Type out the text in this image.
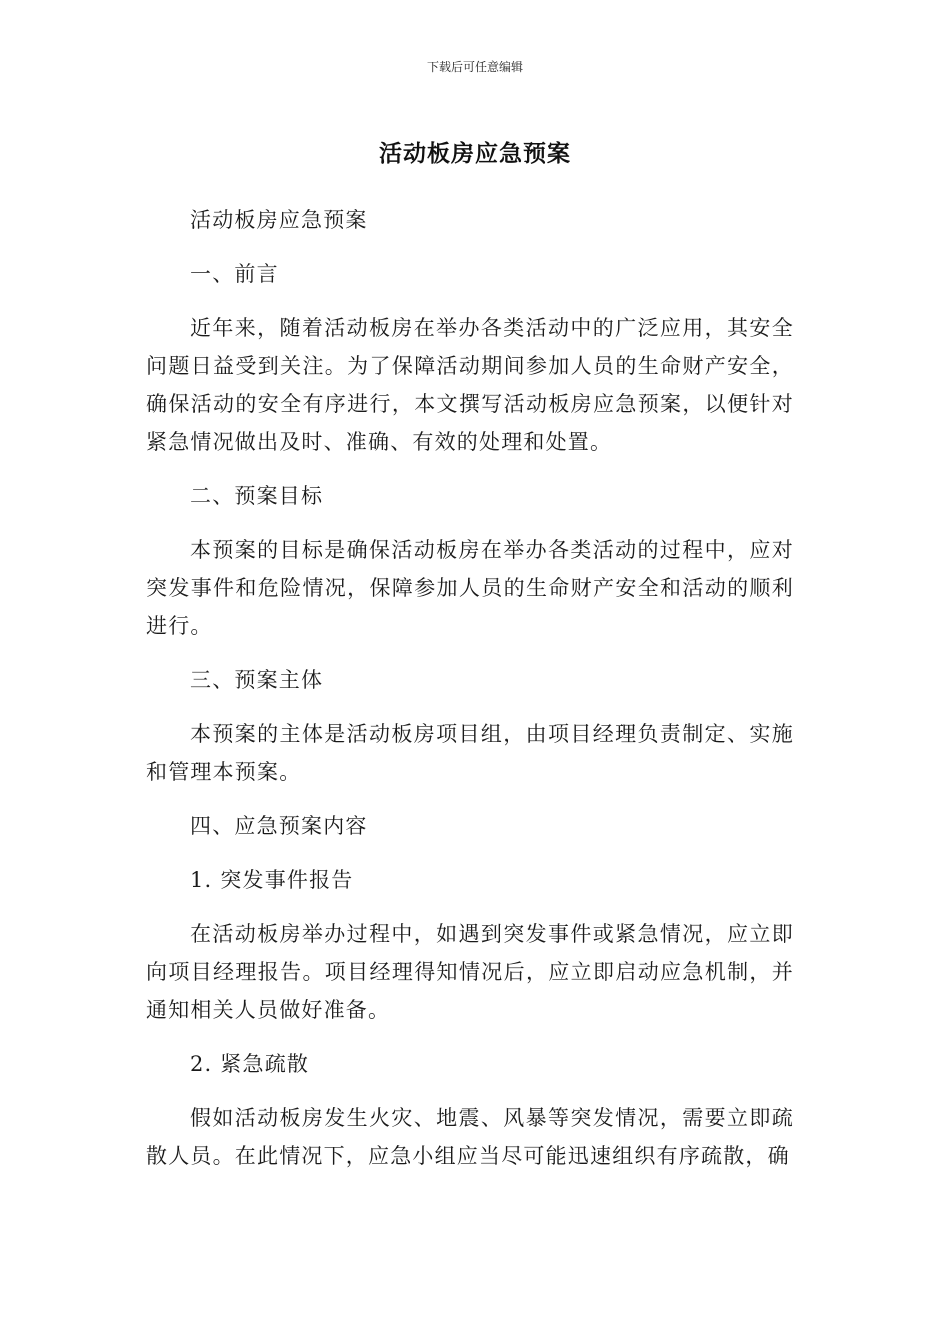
下载后可任意编辑
活动板房应急预案

活动板房应急预案

一、前言

近年来，随着活动板房在举办各类活动中的广泛应用，其安全问题日益受到关注。为了保障活动期间参加人员的生命财产安全，确保活动的安全有序进行，本文撰写活动板房应急预案，以便针对紧急情况做出及时、准确、有效的处理和处置。

二、预案目标

本预案的目标是确保活动板房在举办各类活动的过程中，应对突发事件和危险情况，保障参加人员的生命财产安全和活动的顺利进行。

三、预案主体

本预案的主体是活动板房项目组，由项目经理负责制定、实施和管理本预案。

四、应急预案内容

1. 突发事件报告

在活动板房举办过程中，如遇到突发事件或紧急情况，应立即向项目经理报告。项目经理得知情况后，应立即启动应急机制，并通知相关人员做好准备。

2. 紧急疏散

假如活动板房发生火灾、地震、风暴等突发情况，需要立即疏散人员。在此情况下，应急小组应当尽可能迅速组织有序疏散，确
